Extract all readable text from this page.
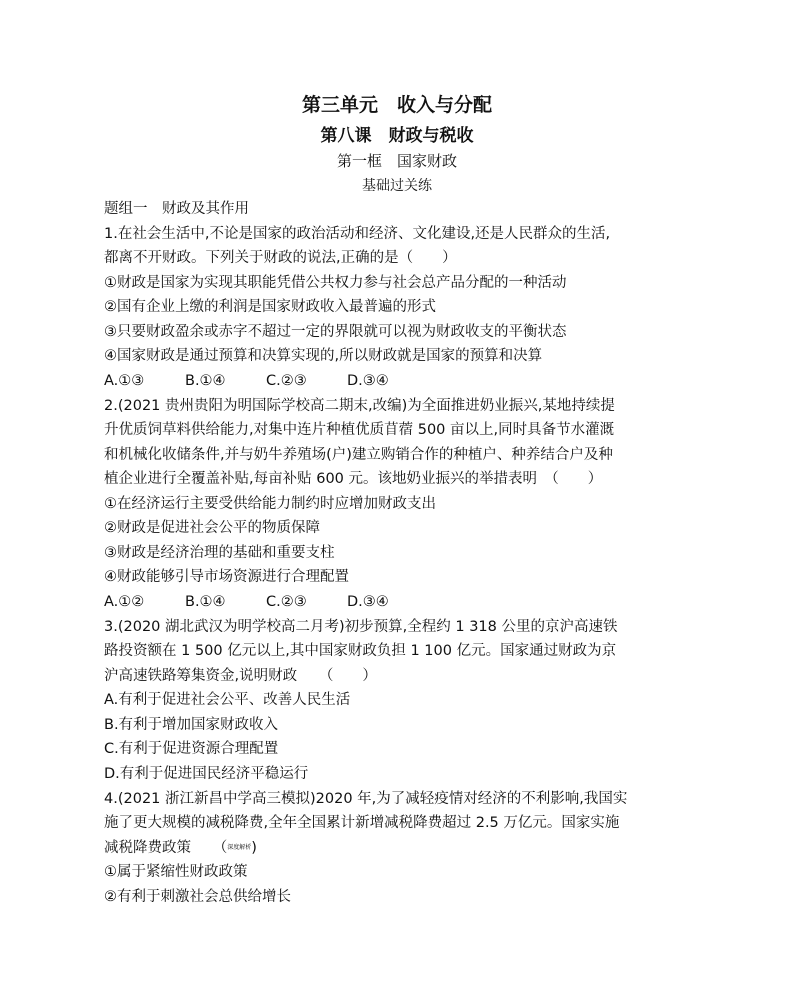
第三单元　收入与分配
第八课　财政与税收
第一框　国家财政
基础过关练
题组一　财政及其作用
1.在社会生活中,不论是国家的政治活动和经济、文化建设,还是人民群众的生活,
都离不开财政。下列关于财政的说法,正确的是（　　）
①财政是国家为实现其职能凭借公共权力参与社会总产品分配的一种活动
②国有企业上缴的利润是国家财政收入最普遍的形式
③只要财政盈余或赤字不超过一定的界限就可以视为财政收支的平衡状态
④国家财政是通过预算和决算实现的,所以财政就是国家的预算和决算
A.①③	B.①④	C.②③	D.③④
2.(2021 贵州贵阳为明国际学校高二期末,改编)为全面推进奶业振兴,某地持续提
升优质饲草料供给能力,对集中连片种植优质苜蓿 500 亩以上,同时具备节水灌溉
和机械化收储条件,并与奶牛养殖场(户)建立购销合作的种植户、种养结合户及种
植企业进行全覆盖补贴,每亩补贴 600 元。该地奶业振兴的举措表明　（　　）
①在经济运行主要受供给能力制约时应增加财政支出
②财政是促进社会公平的物质保障
③财政是经济治理的基础和重要支柱
④财政能够引导市场资源进行合理配置
A.①②	B.①④	C.②③	D.③④
3.(2020 湖北武汉为明学校高二月考)初步预算,全程约 1 318 公里的京沪高速铁
路投资额在 1 500 亿元以上,其中国家财政负担 1 100 亿元。国家通过财政为京
沪高速铁路筹集资金,说明财政　　（　　）
A.有利于促进社会公平、改善人民生活
B.有利于增加国家财政收入
C.有利于促进资源合理配置
D.有利于促进国民经济平稳运行
4.(2021 浙江新昌中学高三模拟)2020 年,为了减轻疫情对经济的不利影响,我国实
施了更大规模的减税降费,全年全国累计新增减税降费超过 2.5 万亿元。国家实施
减税降费政策　　（深度解析)
①属于紧缩性财政政策
②有利于刺激社会总供给增长
